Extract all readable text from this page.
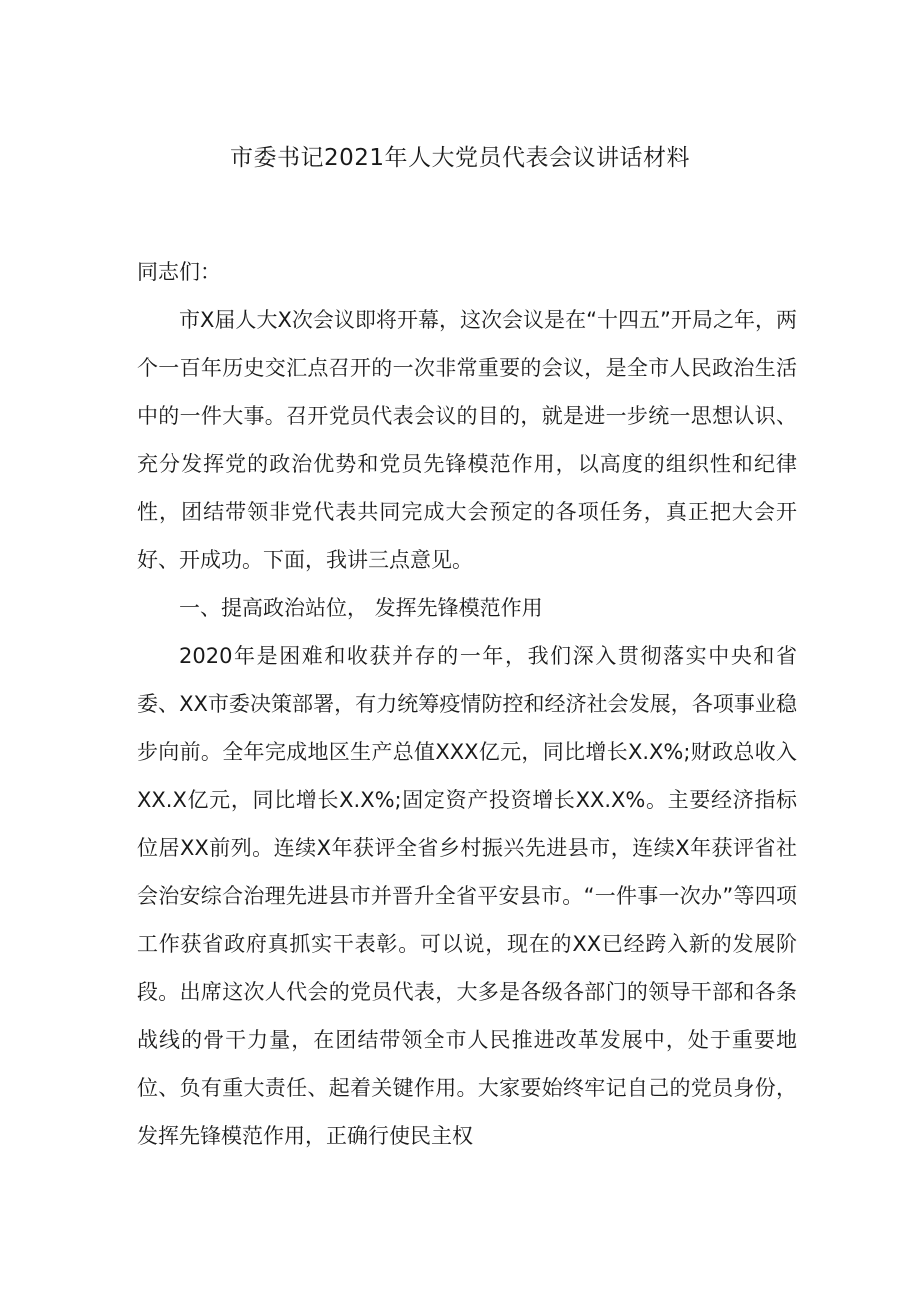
市委书记2021年人大党员代表会议讲话材料

同志们：

市X届人大X次会议即将开幕，这次会议是在“十四五”开局之年，两个一百年历史交汇点召开的一次非常重要的会议，是全市人民政治生活中的一件大事。召开党员代表会议的目的，就是进一步统一思想认识、充分发挥党的政治优势和党员先锋模范作用，以高度的组织性和纪律性，团结带领非党代表共同完成大会预定的各项任务，真正把大会开好、开成功。下面，我讲三点意见。

一、提高政治站位， 发挥先锋模范作用

2020年是困难和收获并存的一年，我们深入贯彻落实中央和省委、XX市委决策部署，有力统筹疫情防控和经济社会发展，各项事业稳步向前。全年完成地区生产总值XXX亿元，同比增长X.X%;财政总收入XX.X亿元，同比增长X.X%;固定资产投资增长XX.X%。主要经济指标位居XX前列。连续X年获评全省乡村振兴先进县市，连续X年获评省社会治安综合治理先进县市并晋升全省平安县市。“一件事一次办”等四项工作获省政府真抓实干表彰。可以说，现在的XX已经跨入新的发展阶段。出席这次人代会的党员代表，大多是各级各部门的领导干部和各条战线的骨干力量，在团结带领全市人民推进改革发展中，处于重要地位、负有重大责任、起着关键作用。大家要始终牢记自己的党员身份，发挥先锋模范作用，正确行使民主权
